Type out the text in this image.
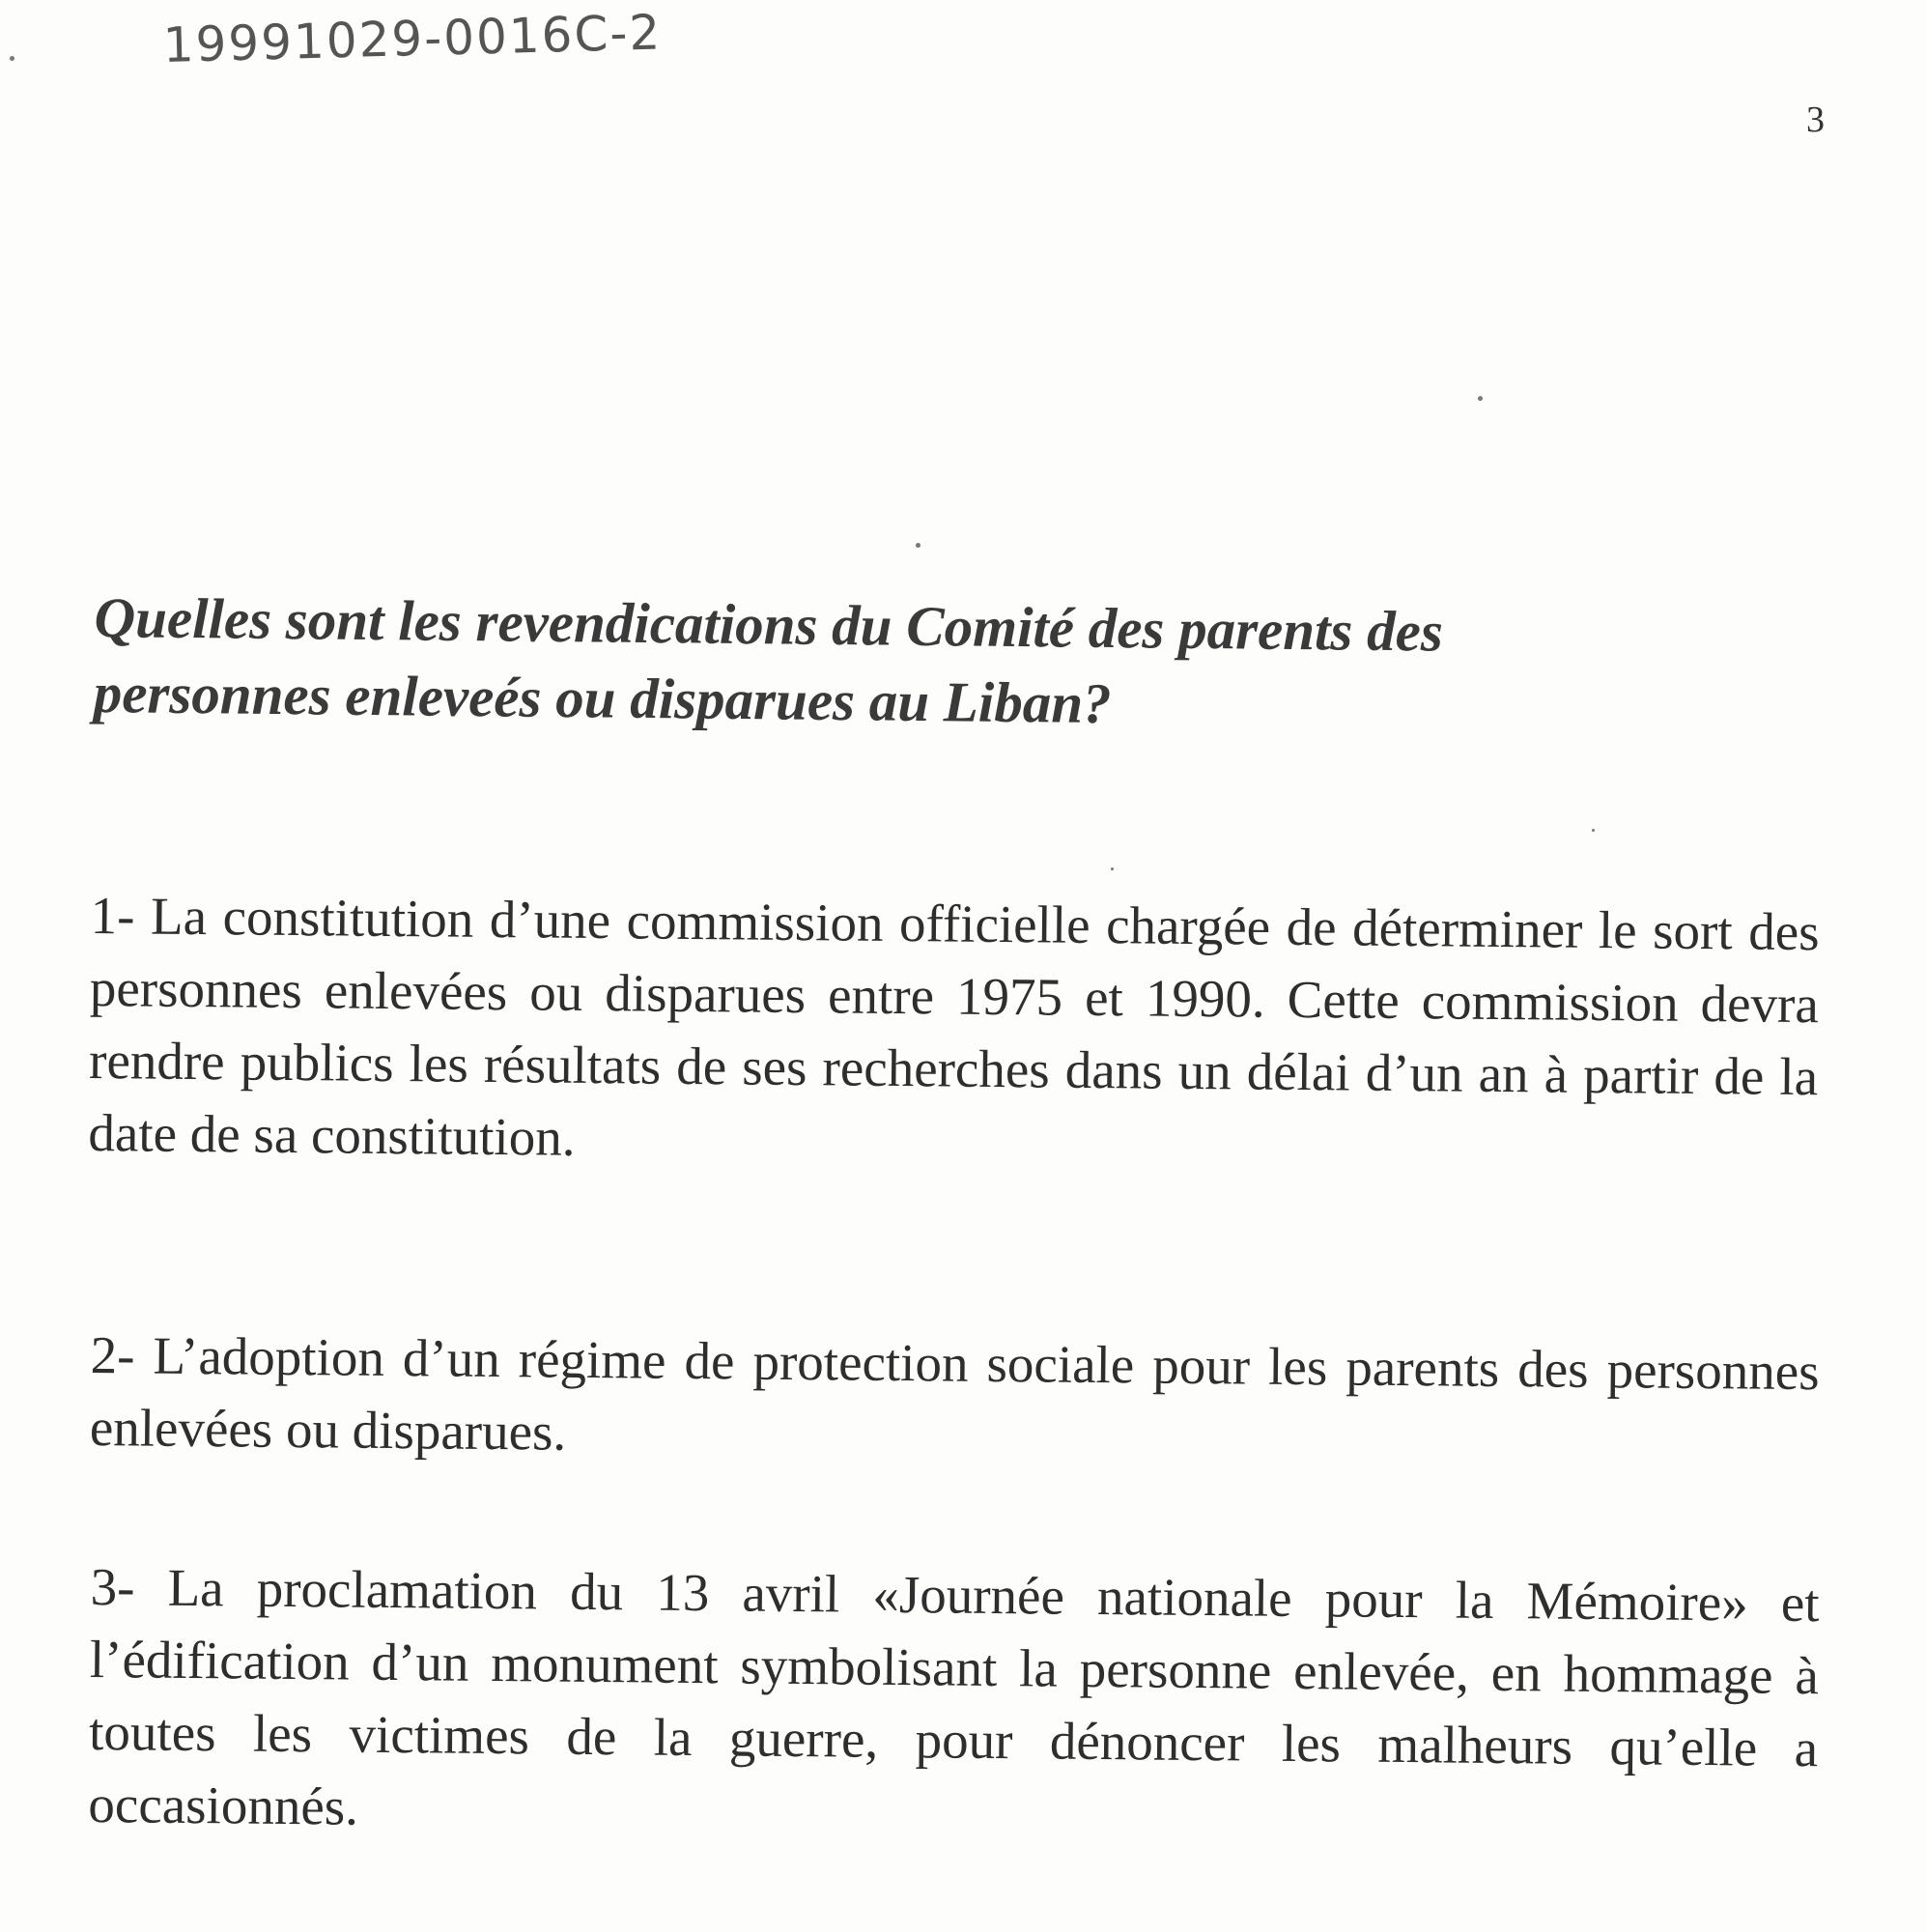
19991029-0016C-2
3
Quelles sont les revendications du Comité des parents des personnes enleveés ou disparues au Liban?

1- La constitution d’une commission officielle chargée de déterminer le sort des personnes enlevées ou disparues entre 1975 et 1990. Cette commission devra rendre publics les résultats de ses recherches dans un délai d’un an à partir de la date de sa constitution.

2- L’adoption d’un régime de protection sociale pour les parents des personnes enlevées ou disparues.

3- La proclamation du 13 avril «Journée nationale pour la Mémoire» et l’édification d’un monument symbolisant la personne enlevée, en hommage à toutes les victimes de la guerre, pour dénoncer les malheurs qu’elle a occasionnés.
